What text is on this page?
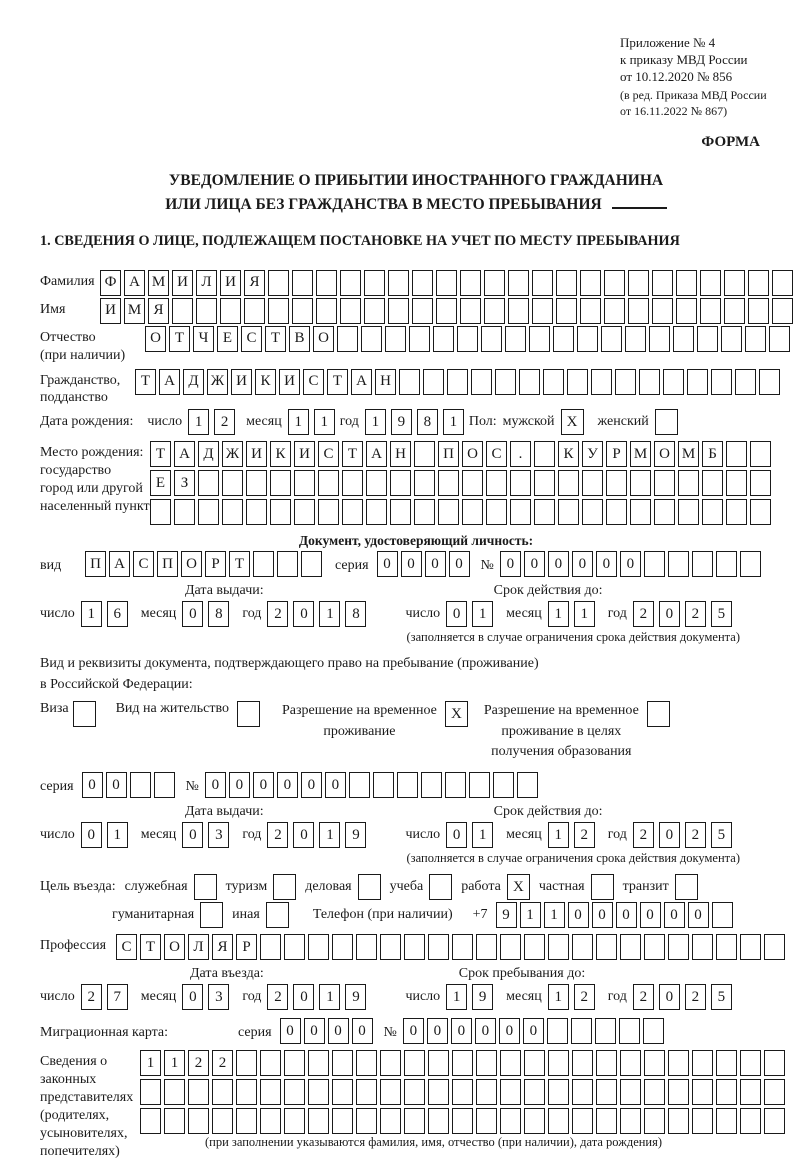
Приложение № 4
к приказу МВД России
от 10.12.2020 № 856
(в ред. Приказа МВД России
от 16.11.2022 № 867)
ФОРМА
УВЕДОМЛЕНИЕ О ПРИБЫТИИ ИНОСТРАННОГО ГРАЖДАНИНА
ИЛИ ЛИЦА БЕЗ ГРАЖДАНСТВА В МЕСТО ПРЕБЫВАНИЯ
1. СВЕДЕНИЯ О ЛИЦЕ, ПОДЛЕЖАЩЕМ ПОСТАНОВКЕ НА УЧЕТ ПО МЕСТУ ПРЕБЫВАНИЯ
Фамилия Ф А М И Л И Я
Имя	И М Я
Отчество
(при наличии)
О Т Ч Е С Т В О
Гражданство,
подданство
Т А Д Ж И К И С Т А Н
Дата рождения: число 1	2	месяц 1	1 год 1	9	8	1 Пол: мужской X	женский
Место рождения:
государство
город или другой
населенный пункт
Т А Д Ж И К И С Т А Н	П О С	.	К У Р М О М Б
Е	З
Документ, удостоверяющий личность:
вид	П А С П О Р	Т	серия 0	0	0	0	№ 0	0	0	0	0	0
Дата выдачи:	Срок действия до:
число 1	6	месяц 0	8	год 2	0	1	8	число 0	1	месяц 1	1	год 2	0	2	5
(заполняется в случае ограничения срока действия документа)
Вид и реквизиты документа, подтверждающего право на пребывание (проживание)
в Российской Федерации:
Виза	Вид на жительство	Разрешение на временное
проживание
X	Разрешение на временное
проживание в целях
получения образования
серия 0	0	№ 0	0	0	0	0	0
Дата выдачи:	Срок действия до:
число 0	1	месяц 0	3	год 2	0	1	9	число 0	1	месяц 1	2	год 2	0	2	5
(заполняется в случае ограничения срока действия документа)
Цель въезда: служебная	туризм	деловая	учеба	работа X	частная	транзит
гуманитарная	иная	Телефон (при наличии) +7 9	1	1	0	0	0	0	0	0
Профессия	С Т О Л Я Р
Дата въезда:	Срок пребывания до:
число 2	7	месяц 0	3	год 2	0	1	9	число 1	9	месяц 1	2	год 2	0	2	5
Миграционная карта:	серия 0	0	0	0	№ 0	0	0	0	0	0
Сведения о
законных
представителях
(родителях,
усыновителях,
попечителях)
1	1	2	2
(при заполнении указываются фамилия, имя, отчество (при наличии), дата рождения)
